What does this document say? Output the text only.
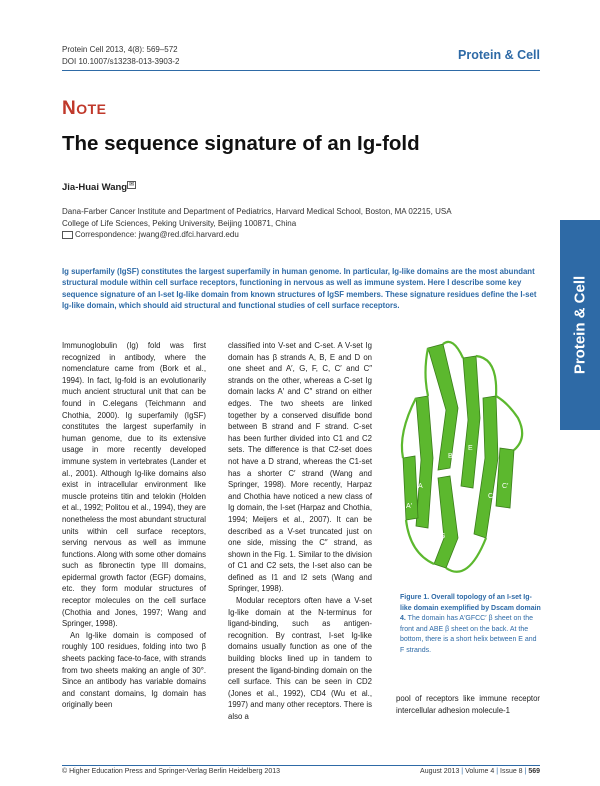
Protein Cell 2013, 4(8): 569–572
DOI 10.1007/s13238-013-3903-2	Protein & Cell
NOTE
The sequence signature of an Ig-fold
Jia-Huai Wang ✉
Dana-Farber Cancer Institute and Department of Pediatrics, Harvard Medical School, Boston, MA 02215, USA
College of Life Sciences, Peking University, Beijing 100871, China
Correspondence: jwang@red.dfci.harvard.edu
Protein & Cell
Ig superfamily (IgSF) constitutes the largest superfamily in human genome. In particular, Ig-like domains are the most abundant structural module within cell surface receptors, functioning in nervous as well as immune system. Here I describe some key sequence signature of an I-set Ig-like domain from known structures of IgSF members. These signature residues define the I-set Ig-like domain, which should aid structural and functional studies of cell surface receptors.

Immunoglobulin (Ig) fold was first recognized in antibody, where the nomenclature came from (Bork et al., 1994). In fact, Ig-fold is an evolutionarily much ancient structural unit that can be found in C.elegans (Teichmann and Chothia, 2000). Ig superfamily (IgSF) constitutes the largest superfamily in human genome, due to its extensive usage in more recently developed immune system in vertebrates (Lander et al., 2001). Although Ig-like domains also exist in intracellular environment like muscle proteins titin and telokin (Holden et al., 1992; Politou et al., 1994), they are nonetheless the most abundant structural units within cell surface receptors, serving nervous as well as immune functions. Along with some other domains such as fibronectin type III domains, epidermal growth factor (EGF) domains, etc. they form modular structures of receptor molecules on the cell surface (Chothia and Jones, 1997; Wang and Springer, 1998).

An Ig-like domain is composed of roughly 100 residues, folding into two β sheets packing face-to-face, with strands from two sheets making an angle of 30°. Since an antibody has variable domains and constant domains, Ig domain has originally been

classified into V-set and C-set. A V-set Ig domain has β strands A, B, E and D on one sheet and A′, G, F, C, C′ and C″ strands on the other, whereas a C-set Ig domain lacks A′ and C″ strand on either edges. The two sheets are linked together by a conserved disulfide bond between B strand and F strand. C-set has been further divided into C1 and C2 sets. The difference is that C2-set does not have a D strand, whereas the C1-set has a shorter C′ strand (Wang and Springer, 1998). More recently, Harpaz and Chothia have noticed a new class of Ig domain, the I-set (Harpaz and Chothia, 1994; Meijers et al., 2007). It can be described as a V-set truncated just on one side, missing the C″ strand, as shown in the Fig. 1. Similar to the division of C1 and C2 sets, the I-set also can be defined as I1 and I2 sets (Wang and Springer, 1998).

Modular receptors often have a V-set Ig-like domain at the N-terminus for ligand-binding, such as antigen-recognition. By contrast, I-set Ig-like domains usually function as one of the building blocks lined up in tandem to present the ligand-binding domain on the cell surface. This can be seen in CD2 (Jones et al., 1992), CD4 (Wu et al., 1997) and many other receptors. There is also a

B
E
A
F
C
C′
G
A′
Figure 1. Overall topology of an I-set Ig-like domain exemplified by Dscam domain 4. The domain has A′GFCC′ β sheet on the front and ABE β sheet on the back. At the bottom, there is a short helix between E and F strands.
pool of receptors like immune receptor intercellular adhesion molecule-1
© Higher Education Press and Springer-Verlag Berlin Heidelberg 2013	August 2013 | Volume 4 | Issue 8 | 569
